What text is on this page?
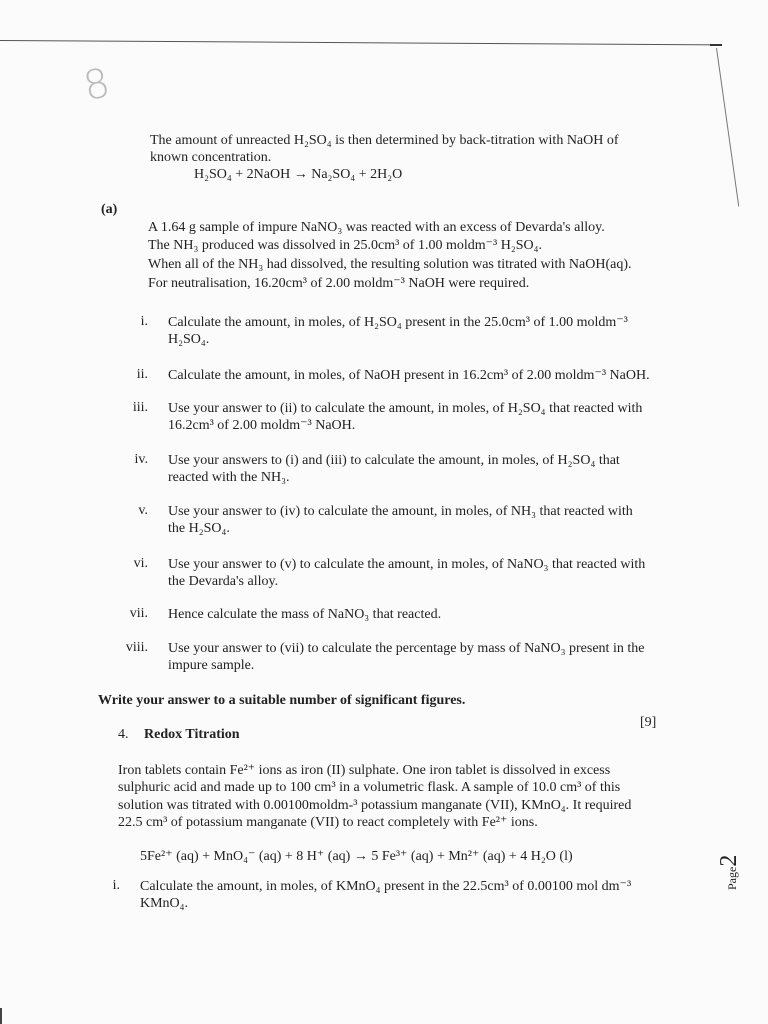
8
The amount of unreacted H₂SO₄ is then determined by back-titration with NaOH of
known concentration.
H₂SO₄ + 2NaOH → Na₂SO₄ + 2H₂O
(a)
A 1.64 g sample of impure NaNO₃ was reacted with an excess of Devarda's alloy.
The NH₃ produced was dissolved in 25.0cm³ of 1.00 moldm⁻³ H₂SO₄.
When all of the NH₃ had dissolved, the resulting solution was titrated with NaOH(aq).
For neutralisation, 16.20cm³ of 2.00 moldm⁻³ NaOH were required.
i. Calculate the amount, in moles, of H₂SO₄ present in the 25.0cm³ of 1.00 moldm⁻³
H₂SO₄.
ii. Calculate the amount, in moles, of NaOH present in 16.2cm³ of 2.00 moldm⁻³ NaOH.
iii. Use your answer to (ii) to calculate the amount, in moles, of H₂SO₄ that reacted with
16.2cm³ of 2.00 moldm⁻³ NaOH.
iv. Use your answers to (i) and (iii) to calculate the amount, in moles, of H₂SO₄ that
reacted with the NH₃.
v. Use your answer to (iv) to calculate the amount, in moles, of NH₃ that reacted with
the H₂SO₄.
vi. Use your answer to (v) to calculate the amount, in moles, of NaNO₃ that reacted with
the Devarda's alloy.
vii. Hence calculate the mass of NaNO₃ that reacted.
viii. Use your answer to (vii) to calculate the percentage by mass of NaNO₃ present in the
impure sample.
Write your answer to a suitable number of significant figures.
[9]
4. Redox Titration
Iron tablets contain Fe²⁺ ions as iron (II) sulphate. One iron tablet is dissolved in excess
sulphuric acid and made up to 100 cm³ in a volumetric flask. A sample of 10.0 cm³ of this
solution was titrated with 0.00100moldm-³ potassium manganate (VII), KMnO₄. It required
22.5 cm³ of potassium manganate (VII) to react completely with Fe²⁺ ions.
5Fe²⁺ (aq) + MnO₄⁻ (aq) + 8 H⁺ (aq) → 5 Fe³⁺ (aq) + Mn²⁺ (aq) + 4 H₂O (l)
i. Calculate the amount, in moles, of KMnO₄ present in the 22.5cm³ of 0.00100 mol dm⁻³
KMnO₄.
Page2
